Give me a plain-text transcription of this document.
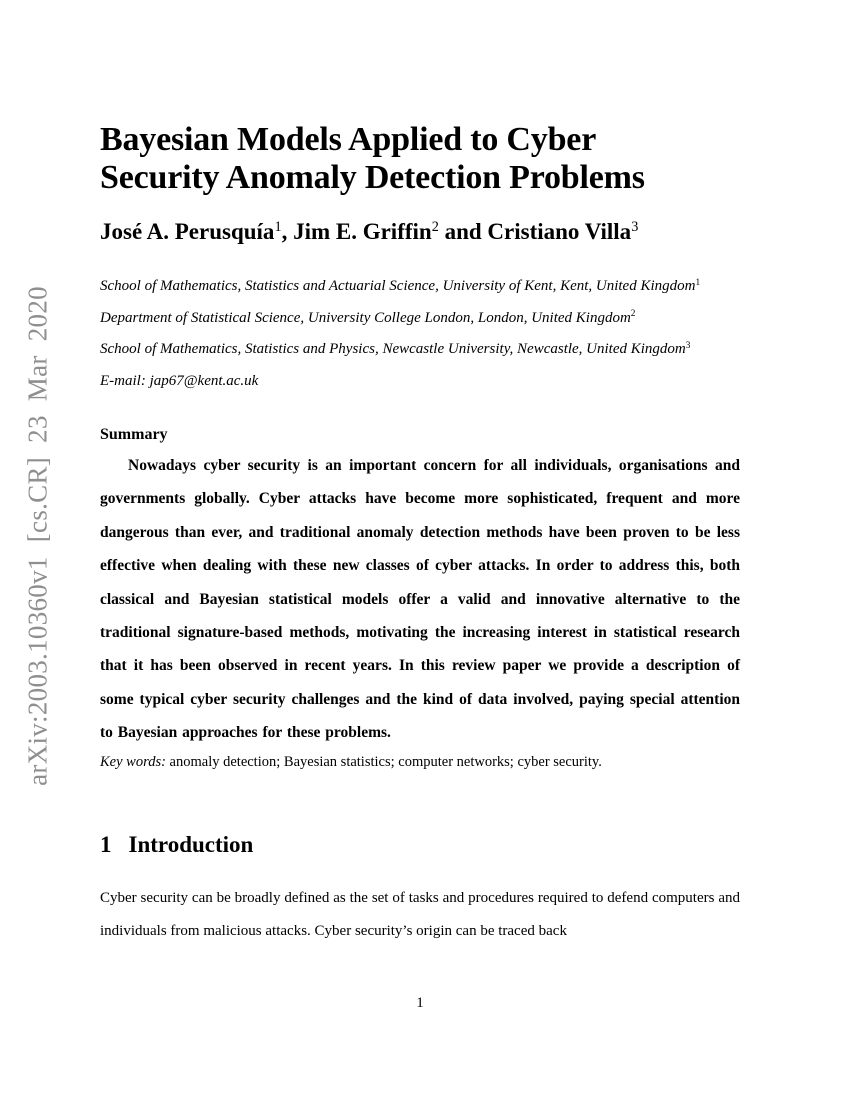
arXiv:2003.10360v1 [cs.CR] 23 Mar 2020
Bayesian Models Applied to Cyber
Security Anomaly Detection Problems
José A. Perusquía$^1$, Jim E. Griffin$^2$ and Cristiano Villa$^3$
School of Mathematics, Statistics and Actuarial Science, University of Kent, Kent, United Kingdom$^1$
Department of Statistical Science, University College London, London, United Kingdom$^2$
School of Mathematics, Statistics and Physics, Newcastle University, Newcastle, United Kingdom$^3$
E-mail: jap67@kent.ac.uk
Summary

Nowadays cyber security is an important concern for all individuals, organisations and governments globally. Cyber attacks have become more sophisticated, frequent and more dangerous than ever, and traditional anomaly detection methods have been proven to be less effective when dealing with these new classes of cyber attacks. In order to address this, both classical and Bayesian statistical models offer a valid and innovative alternative to the traditional signature-based methods, motivating the increasing interest in statistical research that it has been observed in recent years. In this review paper we provide a description of some typical cyber security challenges and the kind of data involved, paying special attention to Bayesian approaches for these problems.

Key words: anomaly detection; Bayesian statistics; computer networks; cyber security.

1 Introduction

Cyber security can be broadly defined as the set of tasks and procedures required to defend computers and individuals from malicious attacks. Cyber security’s origin can be traced back

1
